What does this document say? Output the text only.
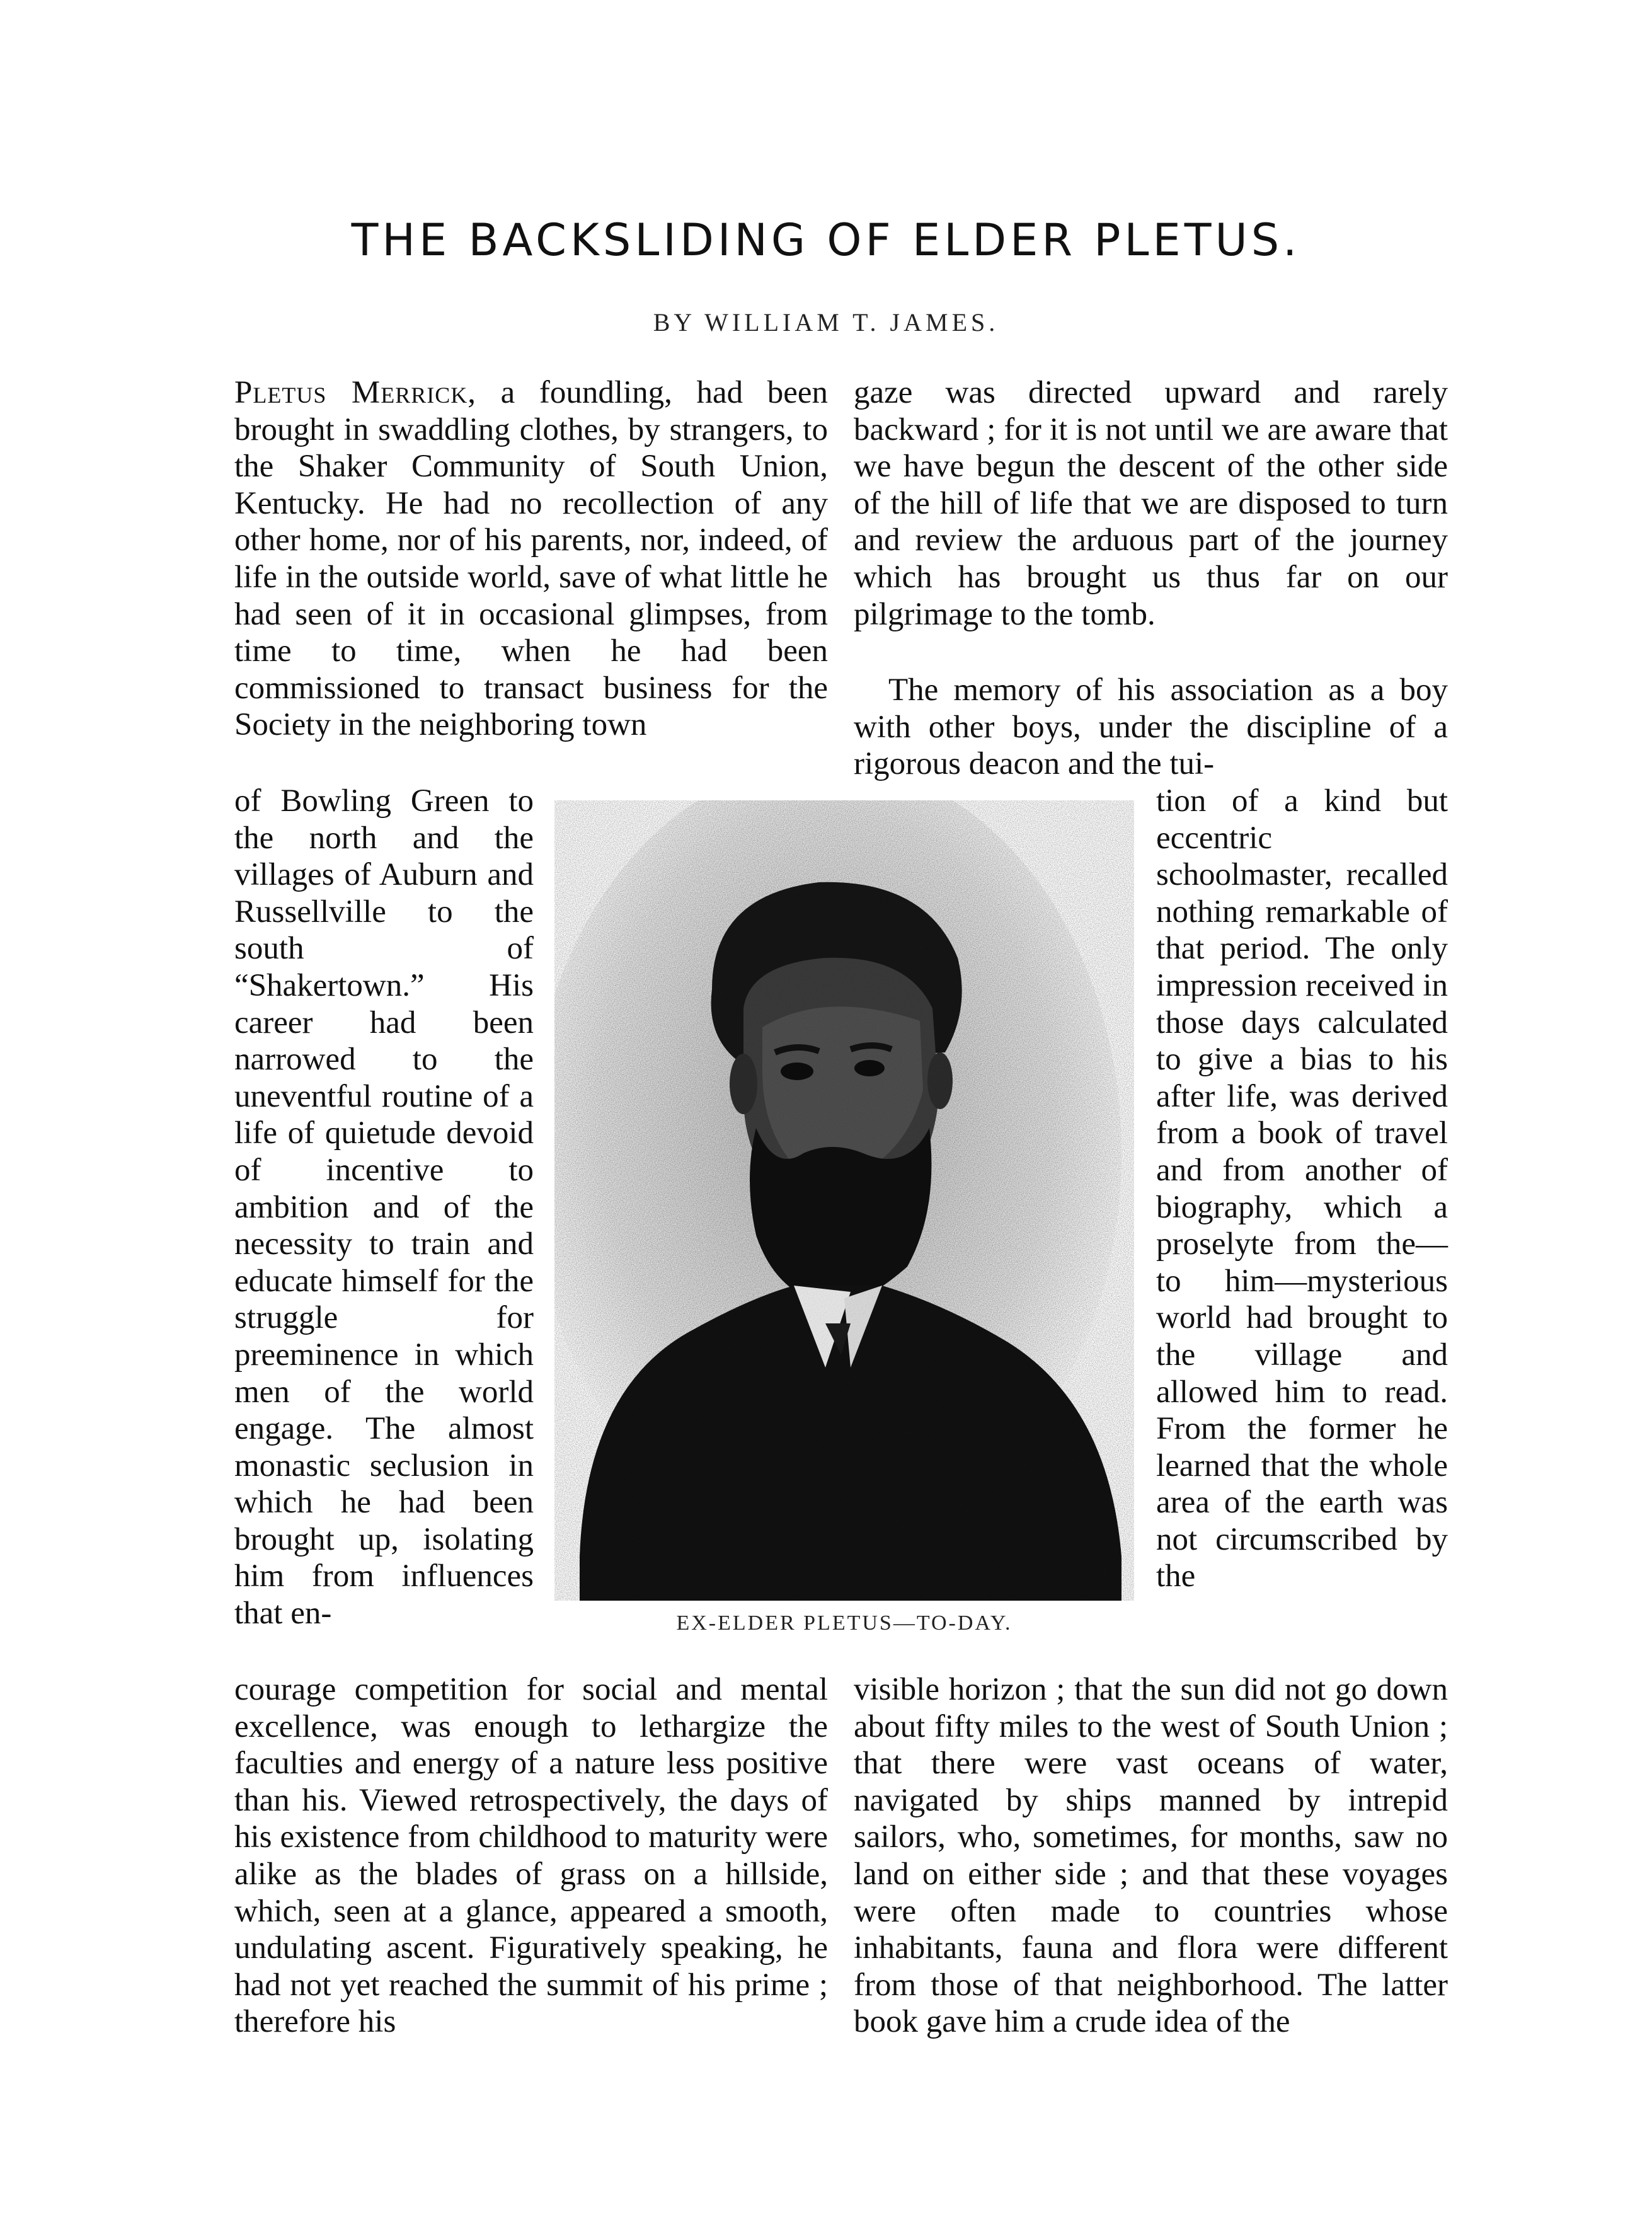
THE BACKSLIDING OF ELDER PLETUS.
BY WILLIAM T. JAMES.

Pletus Merrick, a foundling, had been brought in swaddling clothes, by strangers, to the Shaker Community of South Union, Kentucky. He had no recollection of any other home, nor of his parents, nor, indeed, of life in the outside world, save of what little he had seen of it in occasional glimpses, from time to time, when he had been commissioned to transact business for the Society in the neighboring town

of Bowling Green to the north and the villages of Auburn and Russellville to the south of “Shakertown.” His career had been narrowed to the uneventful routine of a life of quietude devoid of incentive to ambition and of the necessity to train and educate himself for the struggle for preeminence in which men of the world engage. The almost monastic seclusion in which he had been brought up, isolating him from influences that en-

courage competition for social and mental excellence, was enough to lethargize the faculties and energy of a nature less positive than his. Viewed retrospectively, the days of his existence from childhood to maturity were alike as the blades of grass on a hillside, which, seen at a glance, appeared a smooth, undulating ascent. Figuratively speaking, he had not yet reached the summit of his prime ; therefore his

gaze was directed upward and rarely backward ; for it is not until we are aware that we have begun the descent of the other side of the hill of life that we are disposed to turn and review the arduous part of the journey which has brought us thus far on our pilgrimage to the tomb.

The memory of his association as a boy with other boys, under the discipline of a rigorous deacon and the tui-

tion of a kind but eccentric schoolmaster, recalled nothing remarkable of that period. The only impression received in those days calculated to give a bias to his after life, was derived from a book of travel and from another of biography, which a proselyte from the—to him—mysterious world had brought to the village and allowed him to read. From the former he learned that the whole area of the earth was not circumscribed by the

visible horizon ; that the sun did not go down about fifty miles to the west of South Union ; that there were vast oceans of water, navigated by ships manned by intrepid sailors, who, sometimes, for months, saw no land on either side ; and that these voyages were often made to countries whose inhabitants, fauna and flora were different from those of that neighborhood. The latter book gave him a crude idea of the

EX-ELDER PLETUS—TO-DAY.
